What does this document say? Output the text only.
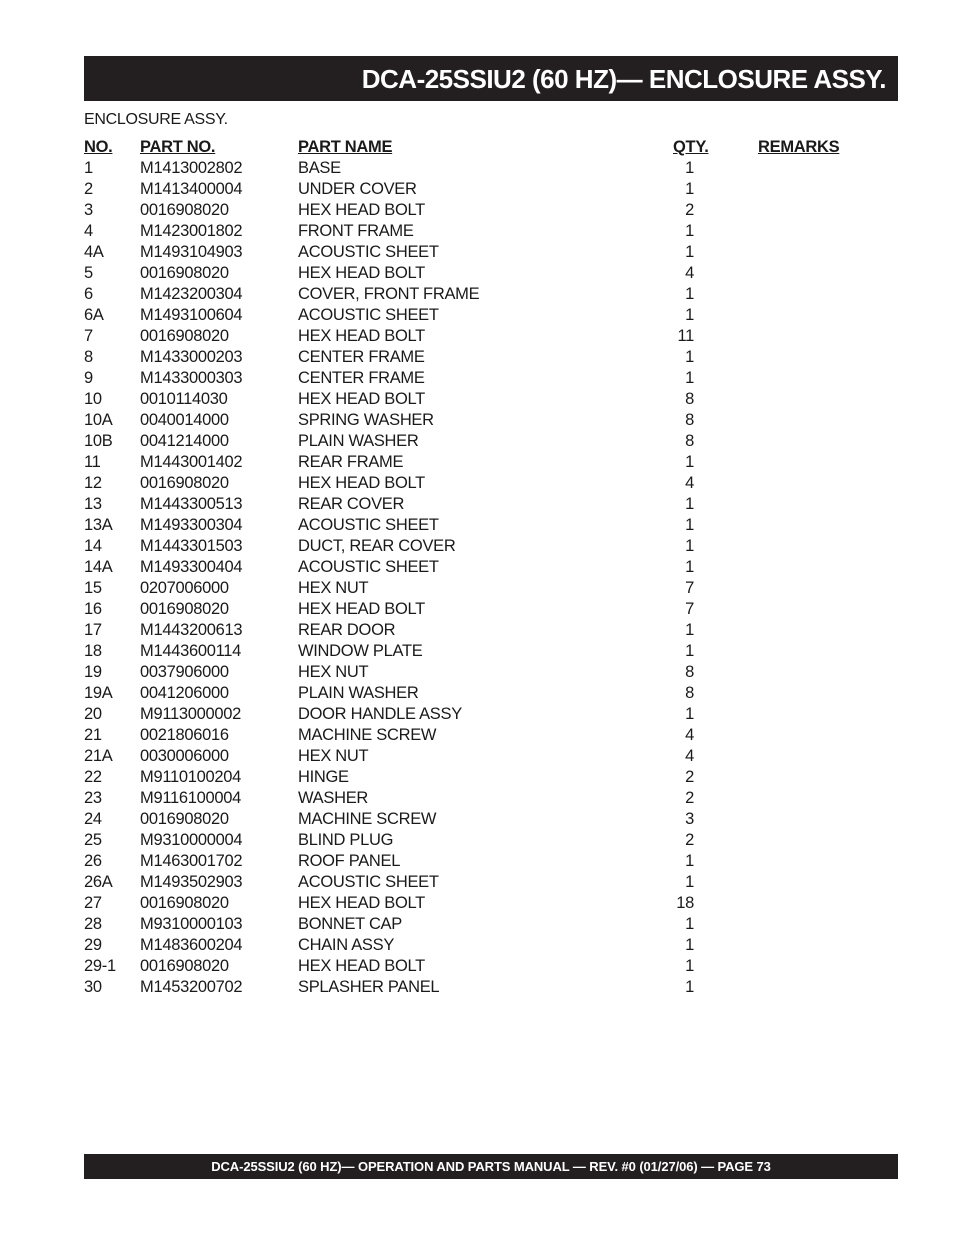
DCA-25SSIU2 (60 HZ)— ENCLOSURE ASSY.
ENCLOSURE ASSY.
NO. PART NO.	PART NAME	QTY.	REMARKS
1	M1413002802	BASE	1
2	M1413400004	UNDER COVER	1
3	0016908020	HEX HEAD BOLT	2
4	M1423001802	FRONT FRAME	1
4A M1493104903	ACOUSTIC SHEET	1
5	0016908020	HEX HEAD BOLT	4
6	M1423200304	COVER, FRONT FRAME	1
6A M1493100604	ACOUSTIC SHEET	1
7	0016908020	HEX HEAD BOLT	11
8	M1433000203	CENTER FRAME	1
9	M1433000303	CENTER FRAME	1
10 0010114030	HEX HEAD BOLT	8
10A 0040014000	SPRING WASHER	8
10B 0041214000	PLAIN WASHER	8
11 M1443001402	REAR FRAME	1
12 0016908020	HEX HEAD BOLT	4
13 M1443300513	REAR COVER	1
13A M1493300304	ACOUSTIC SHEET	1
14 M1443301503	DUCT, REAR COVER	1
14A M1493300404	ACOUSTIC SHEET	1
15 0207006000	HEX NUT	7
16 0016908020	HEX HEAD BOLT	7
17 M1443200613	REAR DOOR	1
18 M1443600114	WINDOW PLATE	1
19 0037906000	HEX NUT	8
19A 0041206000	PLAIN WASHER	8
20 M9113000002	DOOR HANDLE ASSY	1
21 0021806016	MACHINE SCREW	4
21A 0030006000	HEX NUT	4
22 M9110100204	HINGE	2
23 M9116100004	WASHER	2
24 0016908020	MACHINE SCREW	3
25 M9310000004	BLIND PLUG	2
26 M1463001702	ROOF PANEL	1
26A M1493502903	ACOUSTIC SHEET	1
27 0016908020	HEX HEAD BOLT	18
28 M9310000103	BONNET CAP	1
29 M1483600204	CHAIN ASSY	1
29-1 0016908020	HEX HEAD BOLT	1
30 M1453200702	SPLASHER PANEL	1
DCA-25SSIU2 (60 HZ)— OPERATION AND PARTS MANUAL — REV. #0 (01/27/06) — PAGE 73
